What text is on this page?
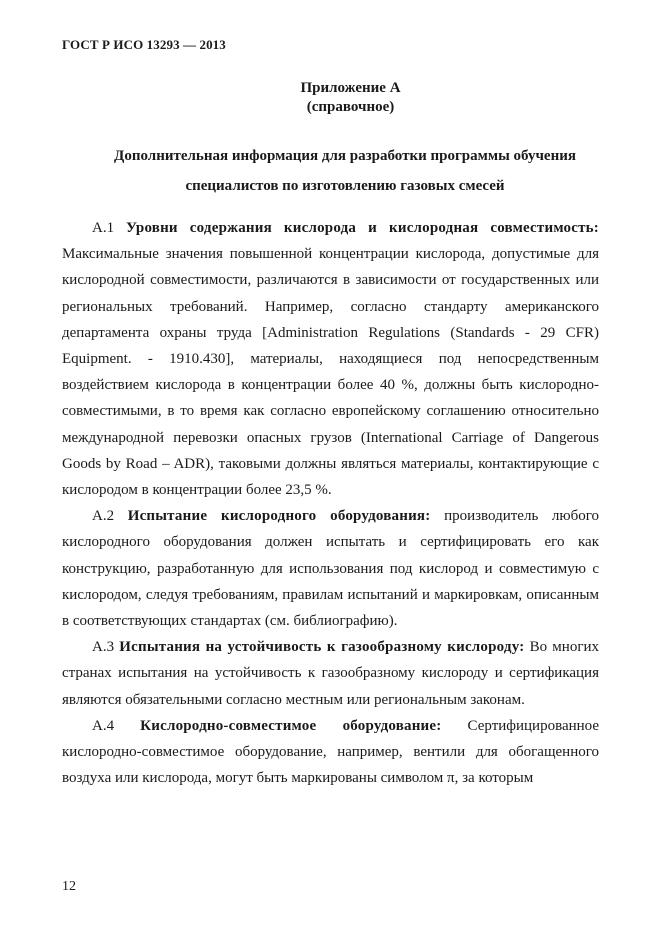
ГОСТ Р ИСО 13293 — 2013
Приложение А
(справочное)
Дополнительная информация для разработки программы обучения
специалистов по изготовлению газовых смесей

А.1 Уровни содержания кислорода и кислородная совместимость: Максимальные значения повышенной концентрации кислорода, допустимые для кислородной совместимости, различаются в зависимости от государственных или региональных требований. Например, согласно стандарту американского департамента охраны труда [Administration Regulations (Standards - 29 CFR) Equipment. - 1910.430], материалы, находящиеся под непосредственным воздействием кислорода в концентрации более 40 %, должны быть кислородно-совместимыми, в то время как согласно европейскому соглашению относительно международной перевозки опасных грузов (International Carriage of Dangerous Goods by Road – ADR), таковыми должны являться материалы, контактирующие с кислородом в концентрации более 23,5 %.

А.2 Испытание кислородного оборудования: производитель любого кислородного оборудования должен испытать и сертифицировать его как конструкцию, разработанную для использования под кислород и совместимую с кислородом, следуя требованиям, правилам испытаний и маркировкам, описанным в соответствующих стандартах (см. библиографию).

А.3 Испытания на устойчивость к газообразному кислороду: Во многих странах испытания на устойчивость к газообразному кислороду и сертификация являются обязательными согласно местным или региональным законам.

А.4 Кислородно-совместимое оборудование: Сертифицированное кислородно-совместимое оборудование, например, вентили для обогащенного воздуха или кислорода, могут быть маркированы символом π, за которым

12
